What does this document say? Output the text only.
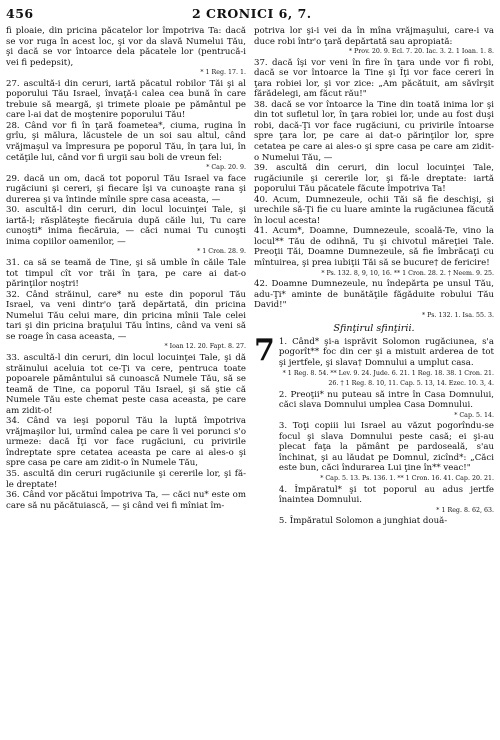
456	2 CRONICI 6, 7.

fi ploaie, din pricina păcatelor lor împotriva Ta: dacă se vor ruga în acest loc, şi vor da slavă Numelui Tău, şi dacă se vor întoarce dela păcatele lor (pentrucă-i vei fi pedepsit),
* 1 Reg. 17. 1.

27. ascultă-i din ceruri, iartă păcatul robilor Tăi şi al poporului Tău Israel, învaţă-i calea cea bună în care trebuie să meargă, şi trimete ploaie pe pământul pe care l-ai dat de moştenire poporului Tău!

28. Când vor fi în ţară foametea*, ciuma, rugina în grîu, şi mălura, lăcustele de un soi sau altul, când vrăjmaşul va împresura pe poporul Tău, în ţara lui, în cetăţile lui, când vor fi urgii sau boli de vreun fel:
* Cap. 20. 9.

29. dacă un om, dacă tot poporul Tău Israel va face rugăciuni şi cereri, şi fiecare îşi va cunoaşte rana şi durerea şi va întinde mînile spre casa aceasta, —

30. ascultă-l din ceruri, din locul locuinţei Tale, şi iartă-l; răsplăteşte fiecăruia după căile lui, Tu care cunoşti* inima fiecăruia, — căci numai Tu cunoşti inima copiilor oamenilor, —
* 1 Cron. 28. 9.

31. ca să se teamă de Tine, şi să umble în căile Tale tot timpul cît vor trăi în ţara, pe care ai dat-o părinţilor noştri!

32. Când străinul, care* nu este din poporul Tău Israel, va veni dintr'o ţară depărtată, din pricina Numelui Tău celui mare, din pricina mînii Tale celei tari şi din pricina braţului Tău întins, când va veni să se roage în casa aceasta, —
* Ioan 12. 20. Fapt. 8. 27.

33. ascultă-l din ceruri, din locul locuinţei Tale, şi dă străinului aceluia tot ce-Ţi va cere, pentruca toate popoarele pământului să cunoască Numele Tău, să se teamă de Tine, ca poporul Tău Israel, şi să ştie că Numele Tău este chemat peste casa aceasta, pe care am zidit-o!

34. Când va ieşi poporul Tău la luptă împotriva vrăjmaşilor lui, urmînd calea pe care îi vei porunci s'o urmeze: dacă Îţi vor face rugăciuni, cu privirile îndreptate spre cetatea aceasta pe care ai ales-o şi spre casa pe care am zidit-o în Numele Tău,

35. ascultă din ceruri rugăciunile şi cererile lor, şi fă-le dreptate!

36. Când vor păcătui împotriva Ta, — căci nu* este om care să nu păcătuiască, — şi când vei fi mîniat îm-

potriva lor şi-i vei da în mîna vrăjmaşului, care-i va duce robi într'o ţară depărtată sau apropiată:
* Prov. 20. 9. Ecl. 7. 20. Iac. 3. 2. 1 Ioan. 1. 8.

37. dacă îşi vor veni în fire în ţara unde vor fi robi, dacă se vor întoarce la Tine şi Îţi vor face cereri în ţara robiei lor, şi vor zice: „Am păcătuit, am săvîrşit fărădelegi, am făcut rău!"

38. dacă se vor întoarce la Tine din toată inima lor şi din tot sufletul lor, în ţara robiei lor, unde au fost duşi robi, dacă-Ţi vor face rugăciuni, cu privirile întoarse spre ţara lor, pe care ai dat-o părinţilor lor, spre cetatea pe care ai ales-o şi spre casa pe care am zidit-o Numelui Tău, —

39. ascultă din ceruri, din locul locuinţei Tale, rugăciunile şi cererile lor, şi fă-le dreptate: iartă poporului Tău păcatele făcute împotriva Ta!

40. Acum, Dumnezeule, ochii Tăi să fie deschişi, şi urechile să-Ţi fie cu luare aminte la rugăciunea făcută în locul acesta!

41. Acum*, Doamne, Dumnezeule, scoală-Te, vino la locul** Tău de odihnă, Tu şi chivotul măreţiei Tale. Preoţii Tăi, Doamne Dumnezeule, să fie îmbrăcaţi cu mîntuirea, şi prea iubiţii Tăi să se bucure† de fericire!
* Ps. 132. 8, 9, 10, 16. ** 1 Cron. 28. 2. † Neem. 9. 25.

42. Doamne Dumnezeule, nu îndepărta pe unsul Tău, adu-Ţi* aminte de bunătăţile făgăduite robului Tău David!"
* Ps. 132. 1. Isa. 55. 3.

Sfinţirul sfinţirii.
7 1. Când* şi-a isprăvit Solomon rugăciunea, s'a pogorît** foc din cer şi a mistuit arderea de tot şi jertfele, şi slava† Domnului a umplut casa.
* 1 Reg. 8. 54. ** Lev. 9. 24. Jude. 6. 21. 1 Reg. 18. 38. 1 Cron. 21. 26. † 1 Reg. 8. 10, 11. Cap. 5. 13, 14. Ezec. 10. 3, 4.

2. Preoţii* nu puteau să intre în Casa Domnului, căci slava Domnului umplea Casa Domnului.
* Cap. 5. 14.

3. Toţi copiii lui Israel au văzut pogorîndu-se focul şi slava Domnului peste casă; ei şi-au plecat faţa la pământ pe pardoseală, s'au închinat, şi au lăudat pe Domnul, zicînd*: „Căci este bun, căci îndurarea Lui ţine în** veac!"
* Cap. 5. 13. Ps. 136. 1. ** 1 Cron. 16. 41. Cap. 20. 21.

4. Împăratul* şi tot poporul au adus jertfe înaintea Domnului.
* 1 Reg. 8. 62, 63.

5. Împăratul Solomon a junghiat două-
